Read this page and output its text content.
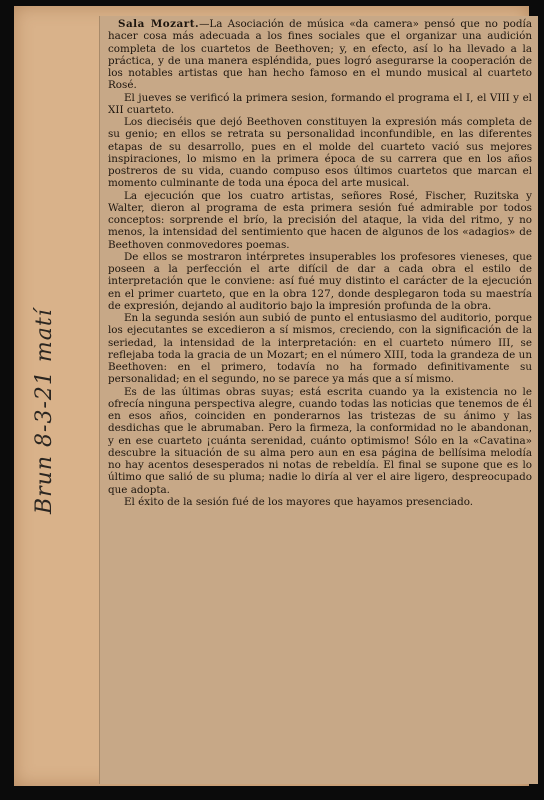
Brun 8-3-21 matí

Sala Mozart.—La Asociación de música «da camera» pensó que no podía hacer cosa más adecuada a los fines sociales que el organizar una audición completa de los cuartetos de Beethoven; y, en efecto, así lo ha llevado a la práctica, y de una manera espléndida, pues logró asegurarse la cooperación de los notables artistas que han hecho famoso en el mundo musical al cuarteto Rosé.

El jueves se verificó la primera sesion, formando el programa el I, el VIII y el XII cuarteto.

Los dieciséis que dejó Beethoven constituyen la expresión más completa de su genio; en ellos se retrata su personalidad inconfundible, en las diferentes etapas de su desarrollo, pues en el molde del cuarteto vació sus mejores inspiraciones, lo mismo en la primera época de su carrera que en los años postreros de su vida, cuando compuso esos últimos cuartetos que marcan el momento culminante de toda una época del arte musical.

La ejecución que los cuatro artistas, señores Rosé, Fischer, Ruzitska y Walter, dieron al programa de esta primera sesión fué admirable por todos conceptos: sorprende el brío, la precisión del ataque, la vida del ritmo, y no menos, la intensidad del sentimiento que hacen de algunos de los «adagios» de Beethoven conmovedores poemas.

De ellos se mostraron intérpretes insuperables los profesores vieneses, que poseen a la perfección el arte difícil de dar a cada obra el estilo de interpretación que le conviene: así fué muy distinto el carácter de la ejecución en el primer cuarteto, que en la obra 127, donde desplegaron toda su maestría de expresión, dejando al auditorio bajo la impresión profunda de la obra.

En la segunda sesión aun subió de punto el entusiasmo del auditorio, porque los ejecutantes se excedieron a sí mismos, creciendo, con la significación de la seriedad, la intensidad de la interpretación: en el cuarteto número III, se reflejaba toda la gracia de un Mozart; en el número XIII, toda la grandeza de un Beethoven: en el primero, todavía no ha formado definitivamente su personalidad; en el segundo, no se parece ya más que a sí mismo.

Es de las últimas obras suyas; está escrita cuando ya la existencia no le ofrecía ninguna perspectiva alegre, cuando todas las noticias que tenemos de él en esos años, coinciden en ponderarnos las tristezas de su ánimo y las desdichas que le abrumaban. Pero la firmeza, la conformidad no le abandonan, y en ese cuarteto ¡cuánta serenidad, cuánto optimismo! Sólo en la «Cavatina» descubre la situación de su alma pero aun en esa página de bellísima melodía no hay acentos desesperados ni notas de rebeldía. El final se supone que es lo último que salió de su pluma; nadie lo diría al ver el aire ligero, despreocupado que adopta.

El éxito de la sesión fué de los mayores que hayamos presenciado.
